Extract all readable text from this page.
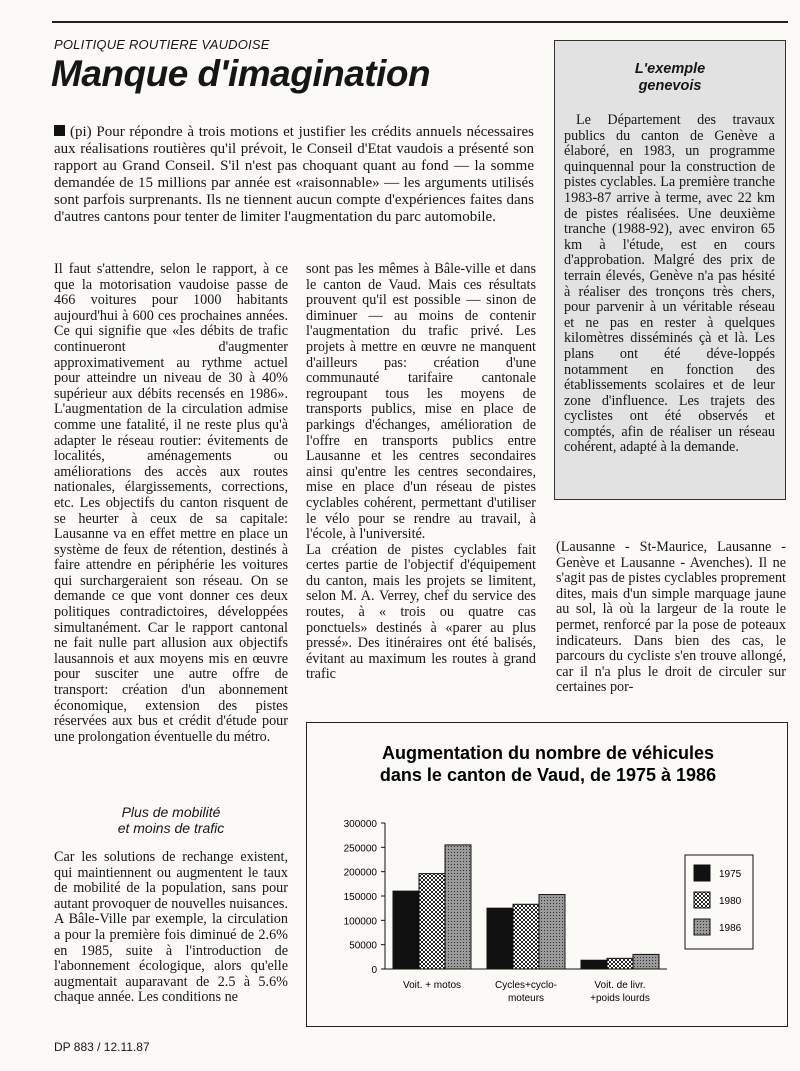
POLITIQUE ROUTIERE VAUDOISE
Manque d'imagination
(pi) Pour répondre à trois motions et justifier les crédits annuels nécessaires aux réalisations routières qu'il prévoit, le Conseil d'Etat vaudois a présenté son rapport au Grand Conseil. S'il n'est pas choquant quant au fond — la somme demandée de 15 millions par année est «raisonnable» — les arguments utilisés sont parfois surprenants. Ils ne tiennent aucun compte d'expériences faites dans d'autres cantons pour tenter de limiter l'augmentation du parc automobile.

Il faut s'attendre, selon le rapport, à ce que la motorisation vaudoise passe de 466 voitures pour 1000 habitants aujourd'hui à 600 ces prochaines années. Ce qui signifie que «les débits de trafic continueront d'augmenter approximativement au rythme actuel pour atteindre un niveau de 30 à 40% supérieur aux débits recensés en 1986». L'augmentation de la circulation admise comme une fatalité, il ne reste plus qu'à adapter le réseau routier: évitements de localités, aménagements ou améliorations des accès aux routes nationales, élargissements, corrections, etc. Les objectifs du canton risquent de se heurter à ceux de sa capitale: Lausanne va en effet mettre en place un système de feux de rétention, destinés à faire attendre en périphérie les voitures qui surchargeraient son réseau. On se demande ce que vont donner ces deux politiques contradictoires, développées simultanément. Car le rapport cantonal ne fait nulle part allusion aux objectifs lausannois et aux moyens mis en œuvre pour susciter une autre offre de transport: création d'un abonnement économique, extension des pistes réservées aux bus et crédit d'étude pour une prolongation éventuelle du métro.

Plus de mobilité
et moins de trafic

Car les solutions de rechange existent, qui maintiennent ou augmentent le taux de mobilité de la population, sans pour autant provoquer de nouvelles nuisances. A Bâle-Ville par exemple, la circulation a pour la première fois diminué de 2.6% en 1985, suite à l'introduction de l'abonnement écologique, alors qu'elle augmentait auparavant de 2.5 à 5.6% chaque année. Les conditions ne

sont pas les mêmes à Bâle-ville et dans le canton de Vaud. Mais ces résultats prouvent qu'il est possible — sinon de diminuer — au moins de contenir l'augmentation du trafic privé. Les projets à mettre en œuvre ne manquent d'ailleurs pas: création d'une communauté tarifaire cantonale regroupant tous les moyens de transports publics, mise en place de parkings d'échanges, amélioration de l'offre en transports publics entre Lausanne et les centres secondaires ainsi qu'entre les centres secondaires, mise en place d'un réseau de pistes cyclables cohérent, permettant d'utiliser le vélo pour se rendre au travail, à l'école, à l'université.

La création de pistes cyclables fait certes partie de l'objectif d'équipement du canton, mais les projets se limitent, selon M. A. Verrey, chef du service des routes, à « trois ou quatre cas ponctuels» destinés à «parer au plus pressé». Des itinéraires ont été balisés, évitant au maximum les routes à grand trafic

(Lausanne - St-Maurice, Lausanne - Genève et Lausanne - Avenches). Il ne s'agit pas de pistes cyclables proprement dites, mais d'un simple marquage jaune au sol, là où la largeur de la route le permet, renforcé par la pose de poteaux indicateurs. Dans bien des cas, le parcours du cycliste s'en trouve allongé, car il n'a plus le droit de circuler sur certaines por-

L'exemple
genevois

Le Département des travaux publics du canton de Genève a élaboré, en 1983, un programme quinquennal pour la construction de pistes cyclables. La première tranche 1983-87 arrive à terme, avec 22 km de pistes réalisées. Une deuxième tranche (1988-92), avec environ 65 km à l'étude, est en cours d'approbation. Malgré des prix de terrain élevés, Genève n'a pas hésité à réaliser des tronçons très chers, pour parvenir à un véritable réseau et ne pas en rester à quelques kilomètres disséminés çà et là. Les plans ont été déve-loppés notamment en fonction des établissements scolaires et de leur zone d'influence. Les trajets des cyclistes ont été observés et comptés, afin de réaliser un réseau cohérent, adapté à la demande.

Augmentation du nombre de véhicules
dans le canton de Vaud, de 1975 à 1986
0
50000
100000
150000
200000
250000
300000
Voit. + motos	Cycles+cyclo-
moteurs
Voit. de livr.
+poids lourds
1975
1980
1986
DP 883 / 12.11.87
